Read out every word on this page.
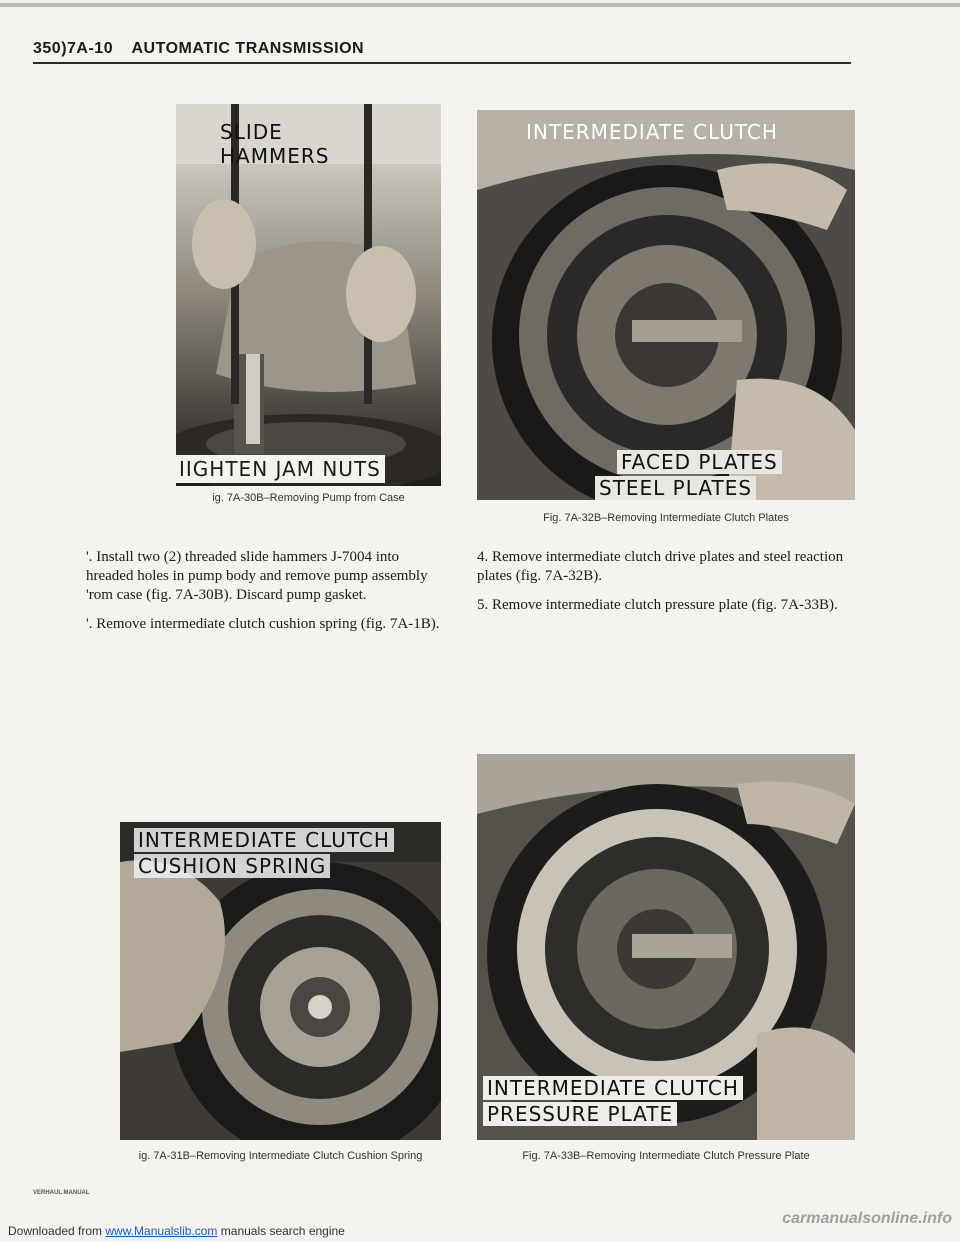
350)7A-10 AUTOMATIC TRANSMISSION
SLIDE
HAMMERS
IIGHTEN JAM NUTS
ig. 7A-30B–Removing Pump from Case
INTERMEDIATE CLUTCH
FACED PLATES
STEEL PLATES
Fig. 7A-32B–Removing Intermediate Clutch Plates

'. Install two (2) threaded slide hammers J-7004 into hreaded holes in pump body and remove pump assembly 'rom case (fig. 7A-30B). Discard pump gasket.

'. Remove intermediate clutch cushion spring (fig. 7A-1B).

4. Remove intermediate clutch drive plates and steel reaction plates (fig. 7A-32B).

5. Remove intermediate clutch pressure plate (fig. 7A-33B).

INTERMEDIATE CLUTCH
CUSHION SPRING
ig. 7A-31B–Removing Intermediate Clutch Cushion Spring
INTERMEDIATE CLUTCH
PRESSURE PLATE
Fig. 7A-33B–Removing Intermediate Clutch Pressure Plate
VERHAUL MANUAL
Downloaded from www.Manualslib.com manuals search engine
carmanualsonline.info
